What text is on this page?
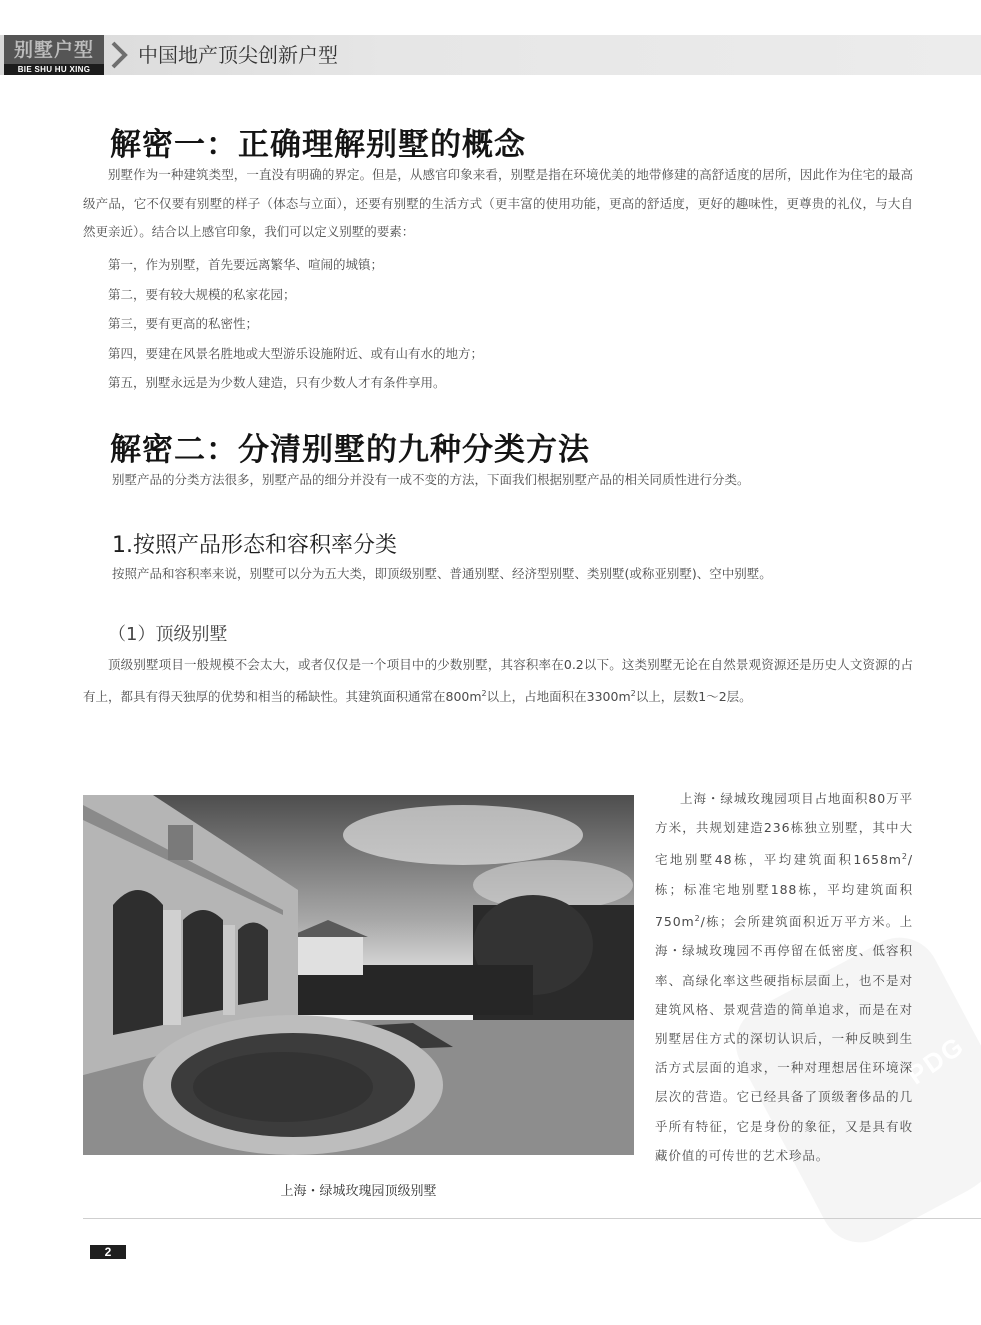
别墅户型
BIE SHU HU XING
中国地产顶尖创新户型
解密一：正确理解别墅的概念
别墅作为一种建筑类型，一直没有明确的界定。但是，从感官印象来看，别墅是指在环境优美的地带修建的高舒适度的居所，因此作为住宅的最高级产品，它不仅要有别墅的样子（体态与立面），还要有别墅的生活方式（更丰富的使用功能，更高的舒适度，更好的趣味性，更尊贵的礼仪，与大自然更亲近）。结合以上感官印象，我们可以定义别墅的要素：
第一，作为别墅，首先要远离繁华、喧闹的城镇；
第二，要有较大规模的私家花园；
第三，要有更高的私密性；
第四，要建在风景名胜地或大型游乐设施附近、或有山有水的地方；
第五，别墅永远是为少数人建造，只有少数人才有条件享用。
解密二：分清别墅的九种分类方法
别墅产品的分类方法很多，别墅产品的细分并没有一成不变的方法，下面我们根据别墅产品的相关同质性进行分类。
1.按照产品形态和容积率分类
按照产品和容积率来说，别墅可以分为五大类，即顶级别墅、普通别墅、经济型别墅、类别墅(或称亚别墅)、空中别墅。
（1）顶级别墅
顶级别墅项目一般规模不会太大，或者仅仅是一个项目中的少数别墅，其容积率在0.2以下。这类别墅无论在自然景观资源还是历史人文资源的占有上，都具有得天独厚的优势和相当的稀缺性。其建筑面积通常在$800m^2$以上，占地面积在$3300m^2$以上，层数1～2层。
PDG
上海・绿城玫瑰园项目占地面积80万平方米，共规划建造236栋独立别墅，其中大宅地别墅48栋，平均建筑面积$1658m^2/$栋；标准宅地别墅188栋，平均建筑面积$750m^2/$栋；会所建筑面积近万平方米。上海・绿城玫瑰园不再停留在低密度、低容积率、高绿化率这些硬指标层面上，也不是对建筑风格、景观营造的简单追求，而是在对别墅居住方式的深切认识后，一种反映到生活方式层面的追求，一种对理想居住环境深层次的营造。它已经具备了顶级奢侈品的几乎所有特征，它是身份的象征，又是具有收藏价值的可传世的艺术珍品。
上海・绿城玫瑰园顶级别墅
2
